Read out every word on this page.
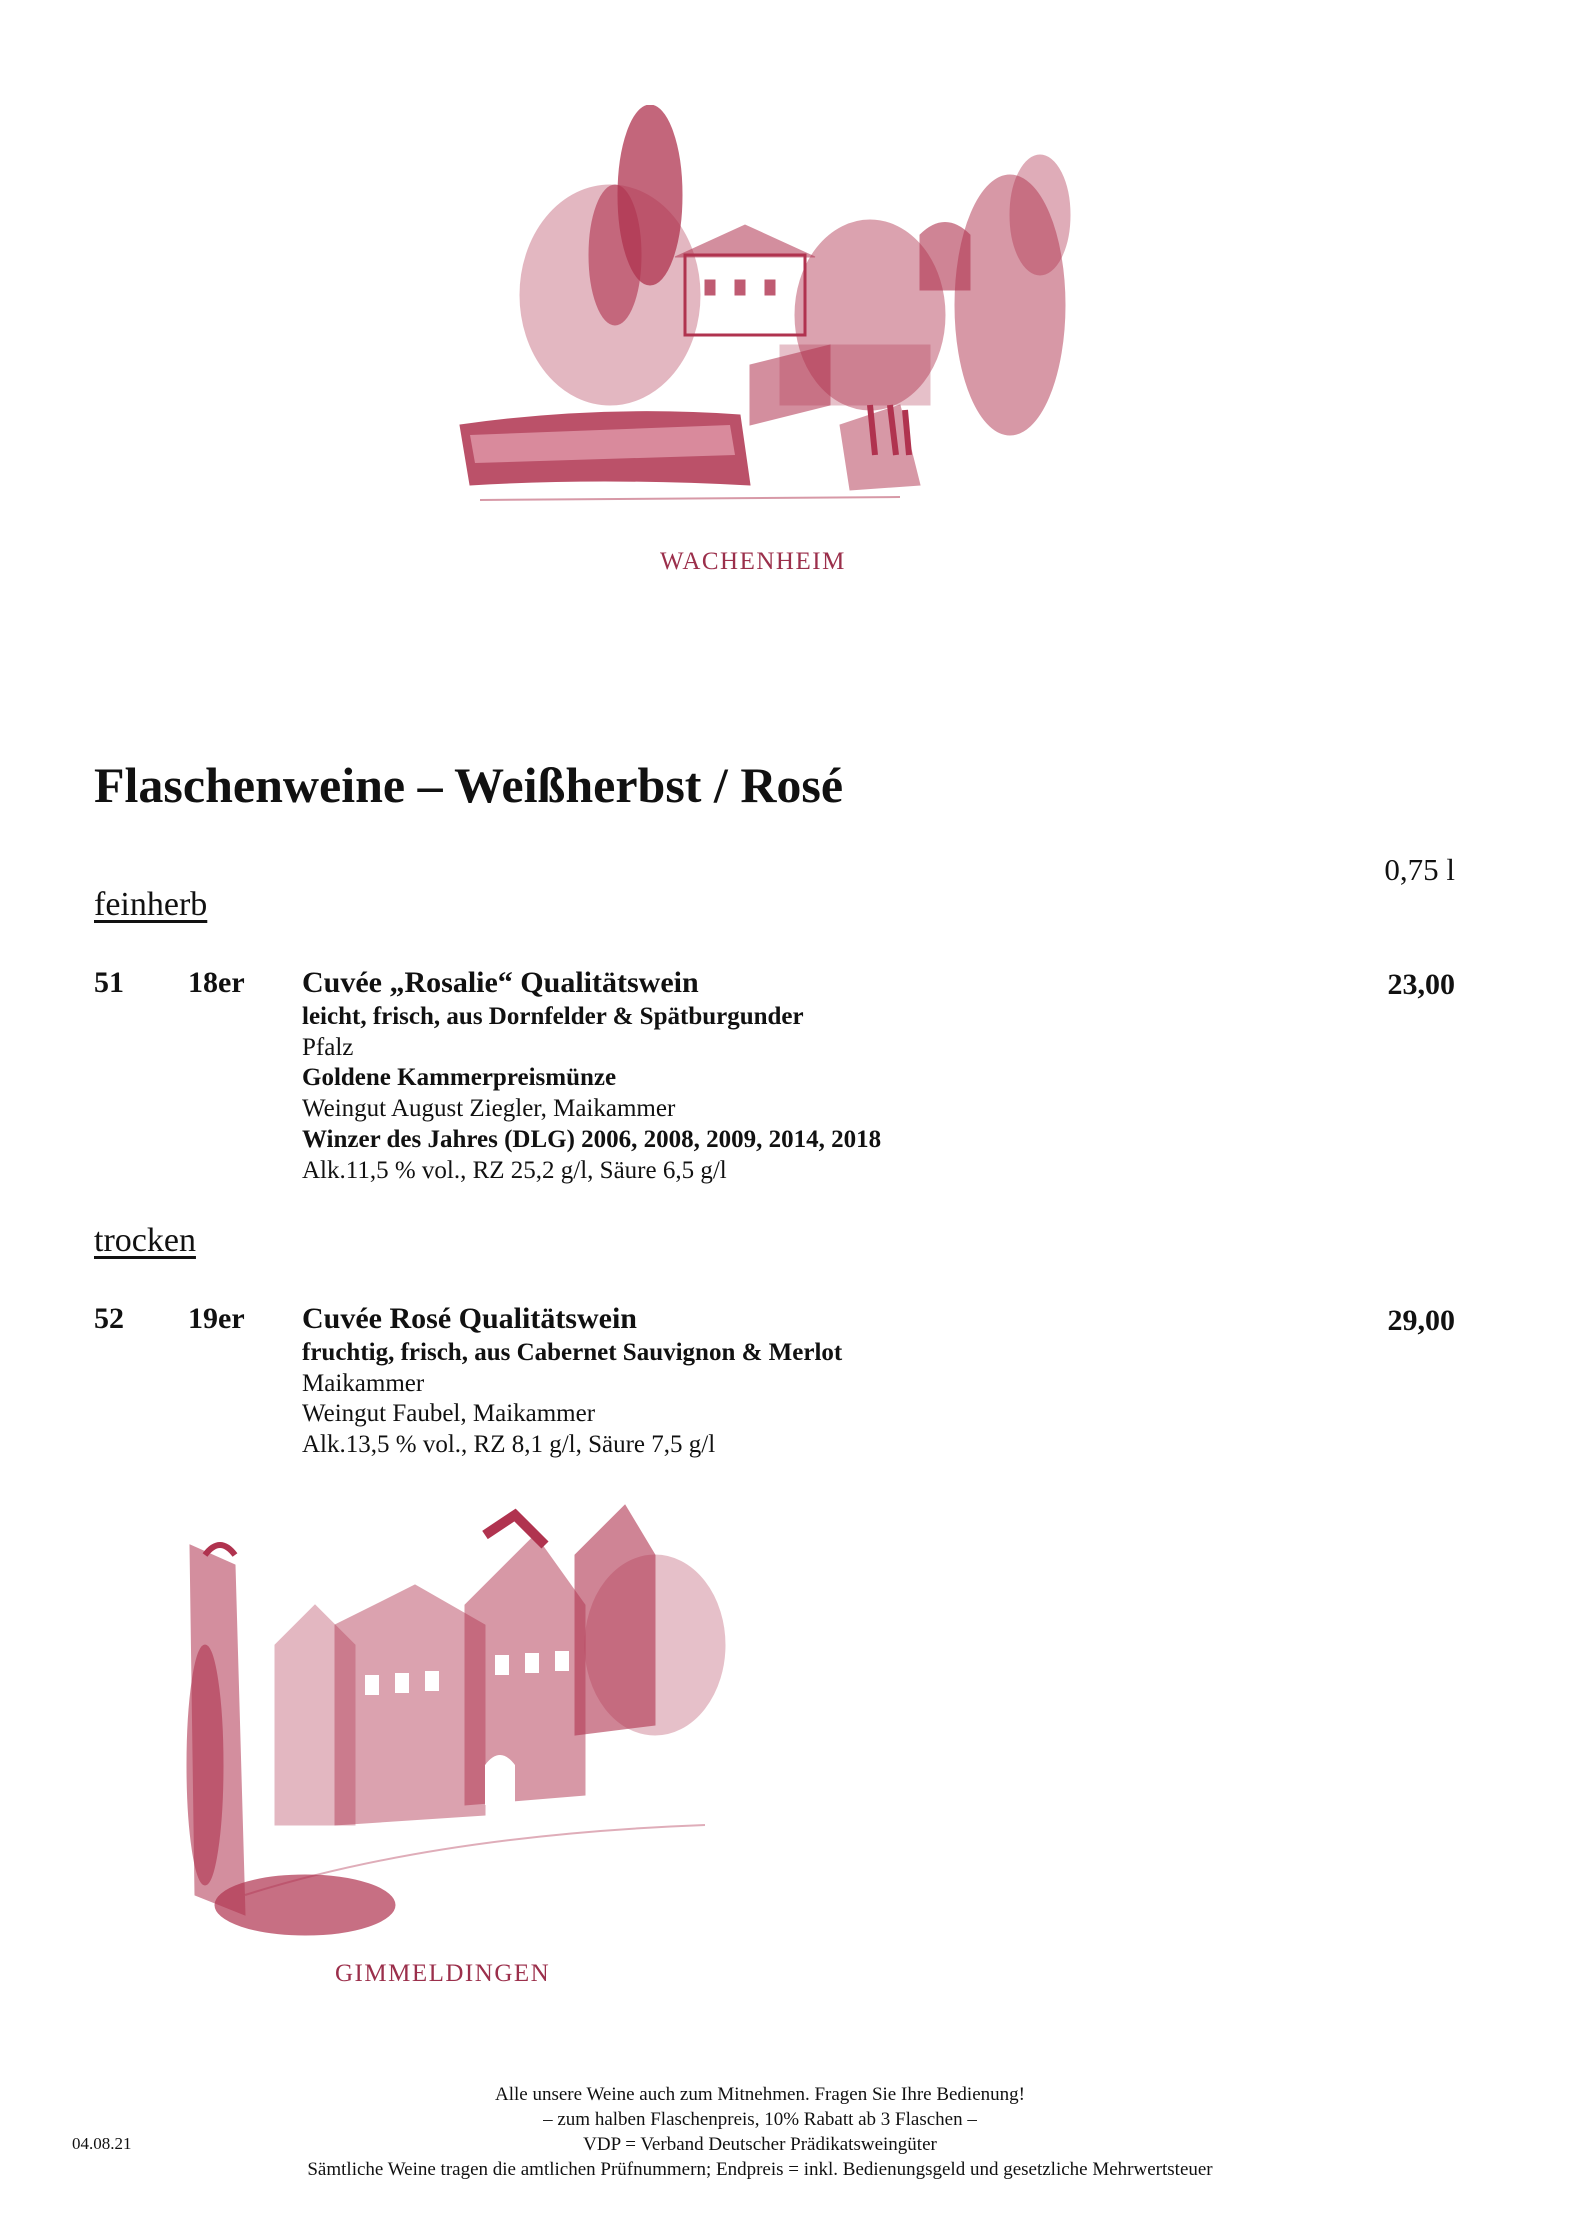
WACHENHEIM
Flaschenweine – Weißherbst / Rosé
0,75 l
feinherb
51 18er Cuvée „Rosalie“ Qualitätswein	23,00
leicht, frisch, aus Dornfelder & Spätburgunder
Pfalz
Goldene Kammerpreismünze
Weingut August Ziegler, Maikammer
Winzer des Jahres (DLG) 2006, 2008, 2009, 2014, 2018
Alk.11,5 % vol., RZ 25,2 g/l, Säure 6,5 g/l
trocken
52 19er Cuvée Rosé Qualitätswein	29,00
fruchtig, frisch, aus Cabernet Sauvignon & Merlot
Maikammer
Weingut Faubel, Maikammer
Alk.13,5 % vol., RZ 8,1 g/l, Säure 7,5 g/l
GIMMELDINGEN
04.08.21
Alle unsere Weine auch zum Mitnehmen. Fragen Sie Ihre Bedienung!
– zum halben Flaschenpreis, 10% Rabatt ab 3 Flaschen –
VDP = Verband Deutscher Prädikatsweingüter
Sämtliche Weine tragen die amtlichen Prüfnummern; Endpreis = inkl. Bedienungsgeld und gesetzliche Mehrwertsteuer
